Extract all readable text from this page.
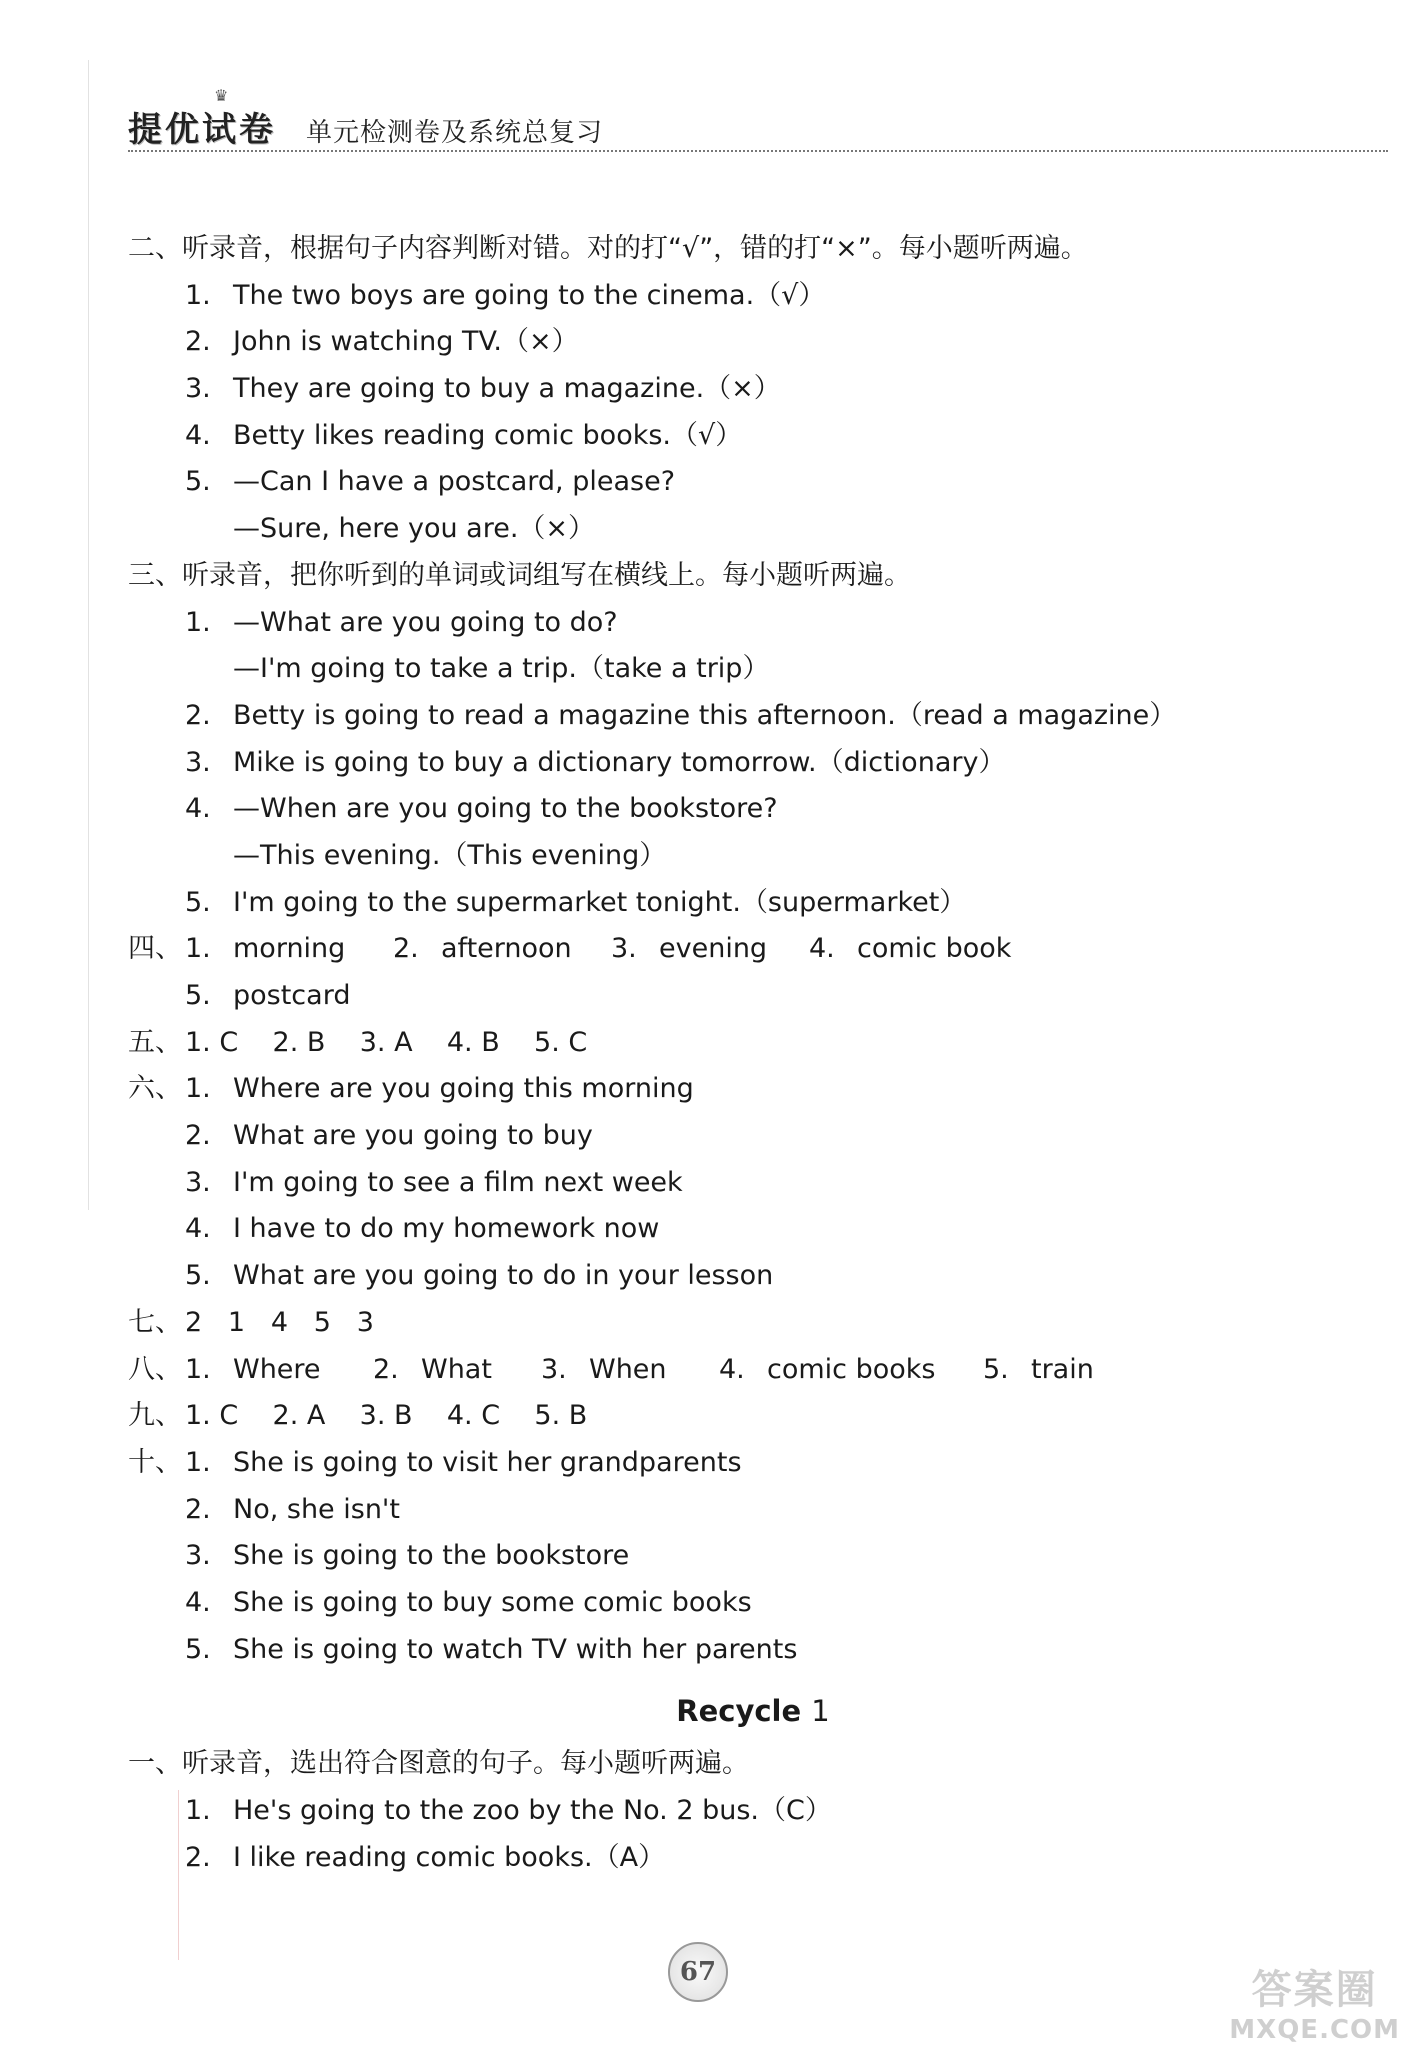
♛
提优试卷 单元检测卷及系统总复习
二、听录音，根据句子内容判断对错。对的打“√”，错的打“×”。每小题听两遍。
1. The two boys are going to the cinema.（√）
2. John is watching TV.（×）
3. They are going to buy a magazine.（×）
4. Betty likes reading comic books.（√）
5. —Can I have a postcard, please?
—Sure, here you are.（×）
三、听录音，把你听到的单词或词组写在横线上。每小题听两遍。
1. —What are you going to do?
—I'm going to take a trip.（take a trip）
2. Betty is going to read a magazine this afternoon.（read a magazine）
3. Mike is going to buy a dictionary tomorrow.（dictionary）
4. —When are you going to the bookstore?
—This evening.（This evening）
5. I'm going to the supermarket tonight.（supermarket）
四、 1. morning 2. afternoon 3. evening 4. comic book
5. postcard
五、 1. C    2. B    3. A    4. B    5. C
六、 1. Where are you going this morning
2. What are you going to buy
3. I'm going to see a film next week
4. I have to do my homework now
5. What are you going to do in your lesson
七、 2   1   4   5   3
八、 1. Where 2. What 3. When 4. comic books 5. train
九、 1. C    2. A    3. B    4. C    5. B
十、 1. She is going to visit her grandparents
2. No, she isn't
3. She is going to the bookstore
4. She is going to buy some comic books
5. She is going to watch TV with her parents
Recycle 1
一、听录音，选出符合图意的句子。每小题听两遍。
1. He's going to the zoo by the No. 2 bus.（C）
2. I like reading comic books.（A）
67	答案圈
MXQE.COM
